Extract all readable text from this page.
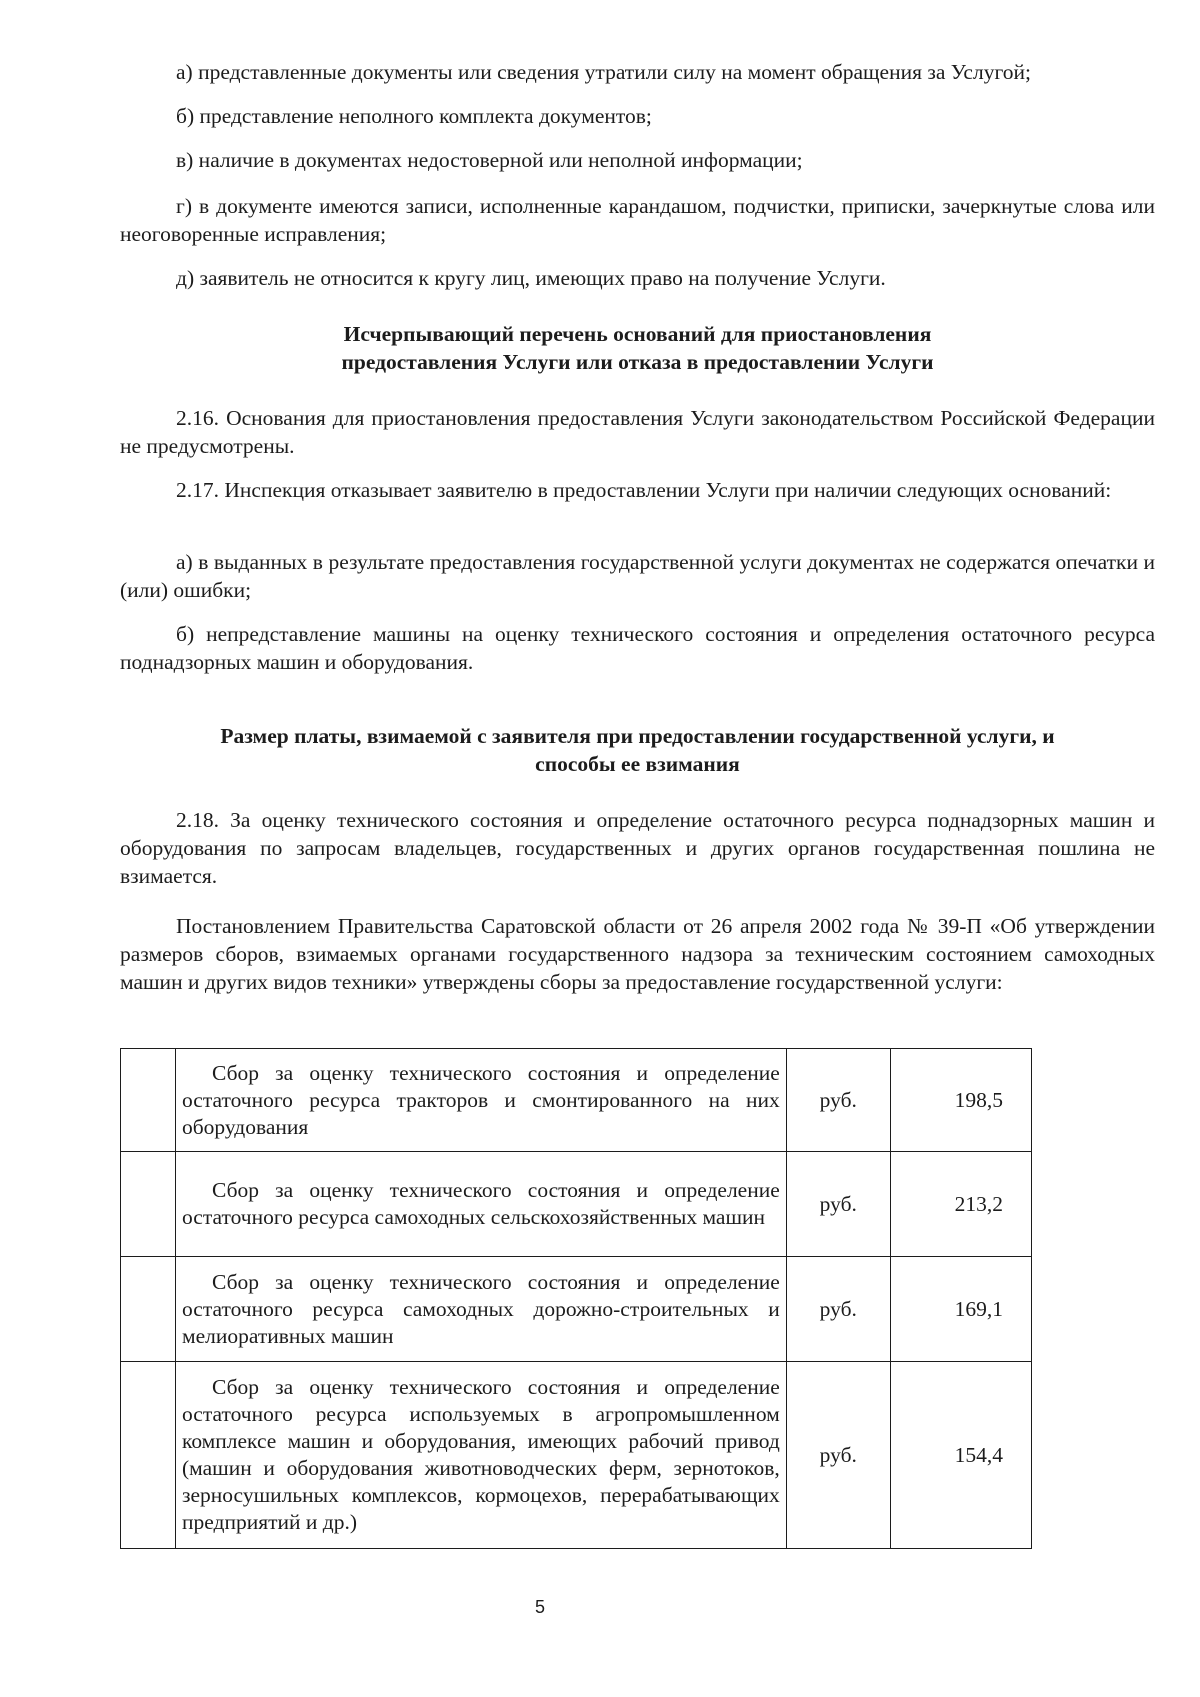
а) представленные документы или сведения утратили силу на момент обращения за Услугой;

б) представление неполного комплекта документов;

в) наличие в документах недостоверной или неполной информации;

г) в документе имеются записи, исполненные карандашом, подчистки, приписки, зачеркнутые слова или неоговоренные исправления;

д) заявитель не относится к кругу лиц, имеющих право на получение Услуги.

Исчерпывающий перечень оснований для приостановления

предоставления Услуги или отказа в предоставлении Услуги

2.16. Основания для приостановления предоставления Услуги законодательством Российской Федерации не предусмотрены.

2.17. Инспекция отказывает заявителю в предоставлении Услуги при наличии следующих оснований:

а) в выданных в результате предоставления государственной услуги документах не содержатся опечатки и (или) ошибки;

б) непредставление машины на оценку технического состояния и определения остаточного ресурса поднадзорных машин и оборудования.

Размер платы, взимаемой с заявителя при предоставлении государственной услуги, и

способы ее взимания

2.18. За оценку технического состояния и определение остаточного ресурса поднадзорных машин и оборудования по запросам владельцев, государственных и других органов государственная пошлина не взимается.

Постановлением Правительства Саратовской области от 26 апреля 2002 года № 39-П «Об утверждении размеров сборов, взимаемых органами государственного надзора за техническим состоянием самоходных машин и других видов техники» утверждены сборы за предоставление государственной услуги:

	Сбор за оценку технического состояния и определение остаточного ресурса тракторов и смонтированного на них оборудования	руб.	198,5
	Сбор за оценку технического состояния и определение остаточного ресурса самоходных сельскохозяйственных машин	руб.	213,2
	Сбор за оценку технического состояния и определение остаточного ресурса самоходных дорожно-строительных и мелиоративных машин	руб.	169,1
	Сбор за оценку технического состояния и определение остаточного ресурса используемых в агропромышленном комплексе машин и оборудования, имеющих рабочий привод (машин и оборудования животноводческих ферм, зернотоков, зерносушильных комплексов, кормоцехов, перерабатывающих предприятий и др.)	руб.	154,4
5
